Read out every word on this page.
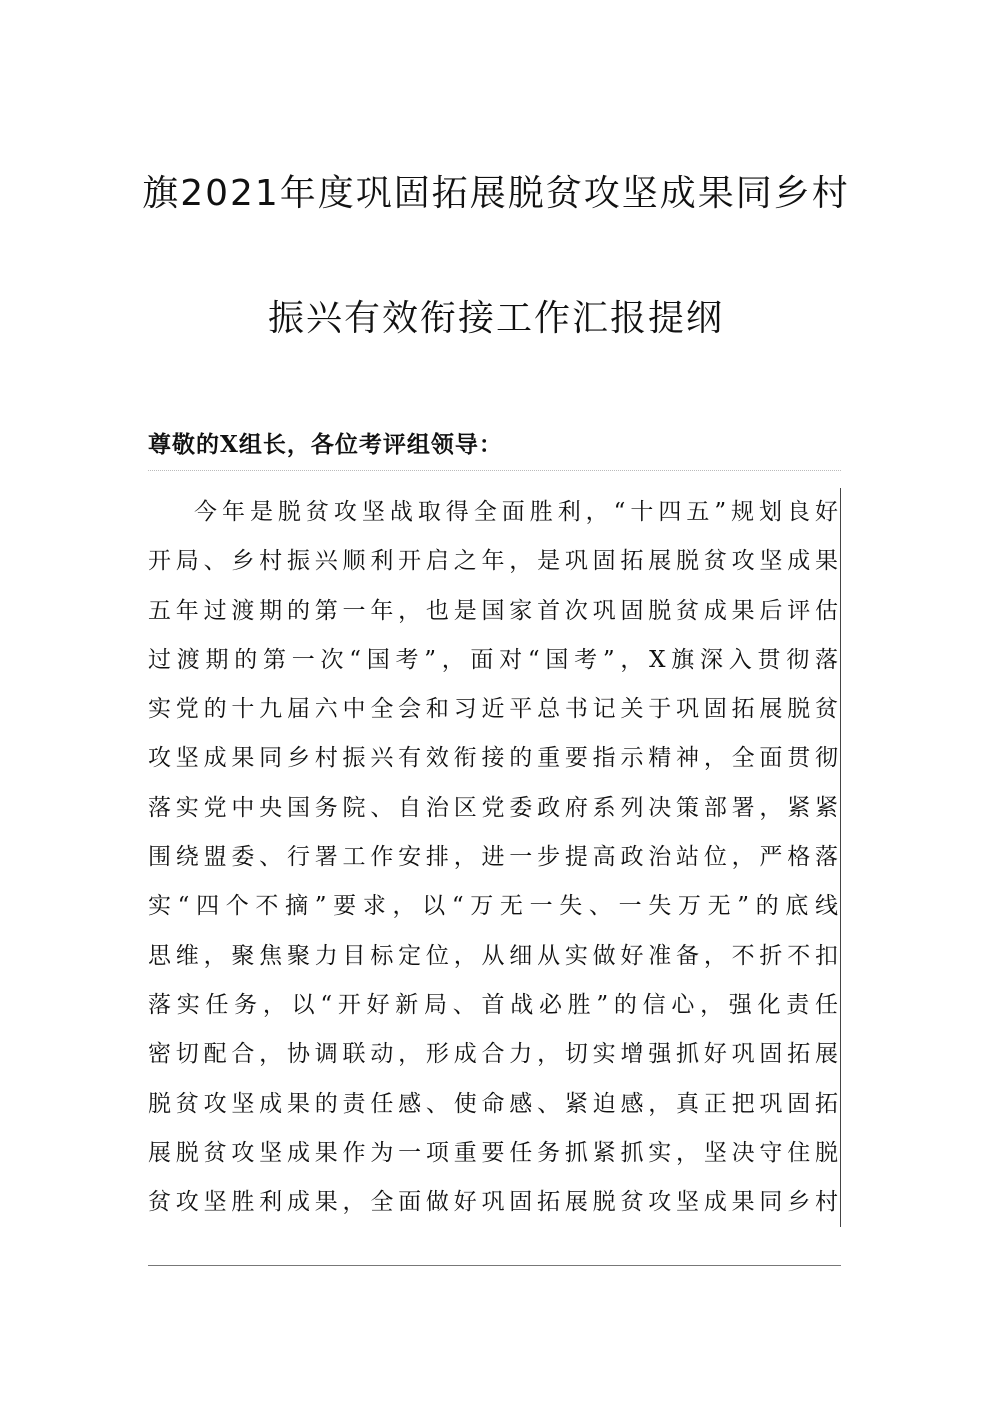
旗2021年度巩固拓展脱贫攻坚成果同乡村
振兴有效衔接工作汇报提纲
尊敬的X组长，各位考评组领导：
今年是脱贫攻坚战取得全面胜利，“十四五”规划良好
开局、乡村振兴顺利开启之年，是巩固拓展脱贫攻坚成果
五年过渡期的第一年，也是国家首次巩固脱贫成果后评估
过渡期的第一次“国考”，面对“国考”，X旗深入贯彻落
实党的十九届六中全会和习近平总书记关于巩固拓展脱贫
攻坚成果同乡村振兴有效衔接的重要指示精神，全面贯彻
落实党中央国务院、自治区党委政府系列决策部署，紧紧
围绕盟委、行署工作安排，进一步提高政治站位，严格落
实“四个不摘”要求，以“万无一失、一失万无”的底线
思维，聚焦聚力目标定位，从细从实做好准备，不折不扣
落实任务，以“开好新局、首战必胜”的信心，强化责任
密切配合，协调联动，形成合力，切实增强抓好巩固拓展
脱贫攻坚成果的责任感、使命感、紧迫感，真正把巩固拓
展脱贫攻坚成果作为一项重要任务抓紧抓实，坚决守住脱
贫攻坚胜利成果，全面做好巩固拓展脱贫攻坚成果同乡村
